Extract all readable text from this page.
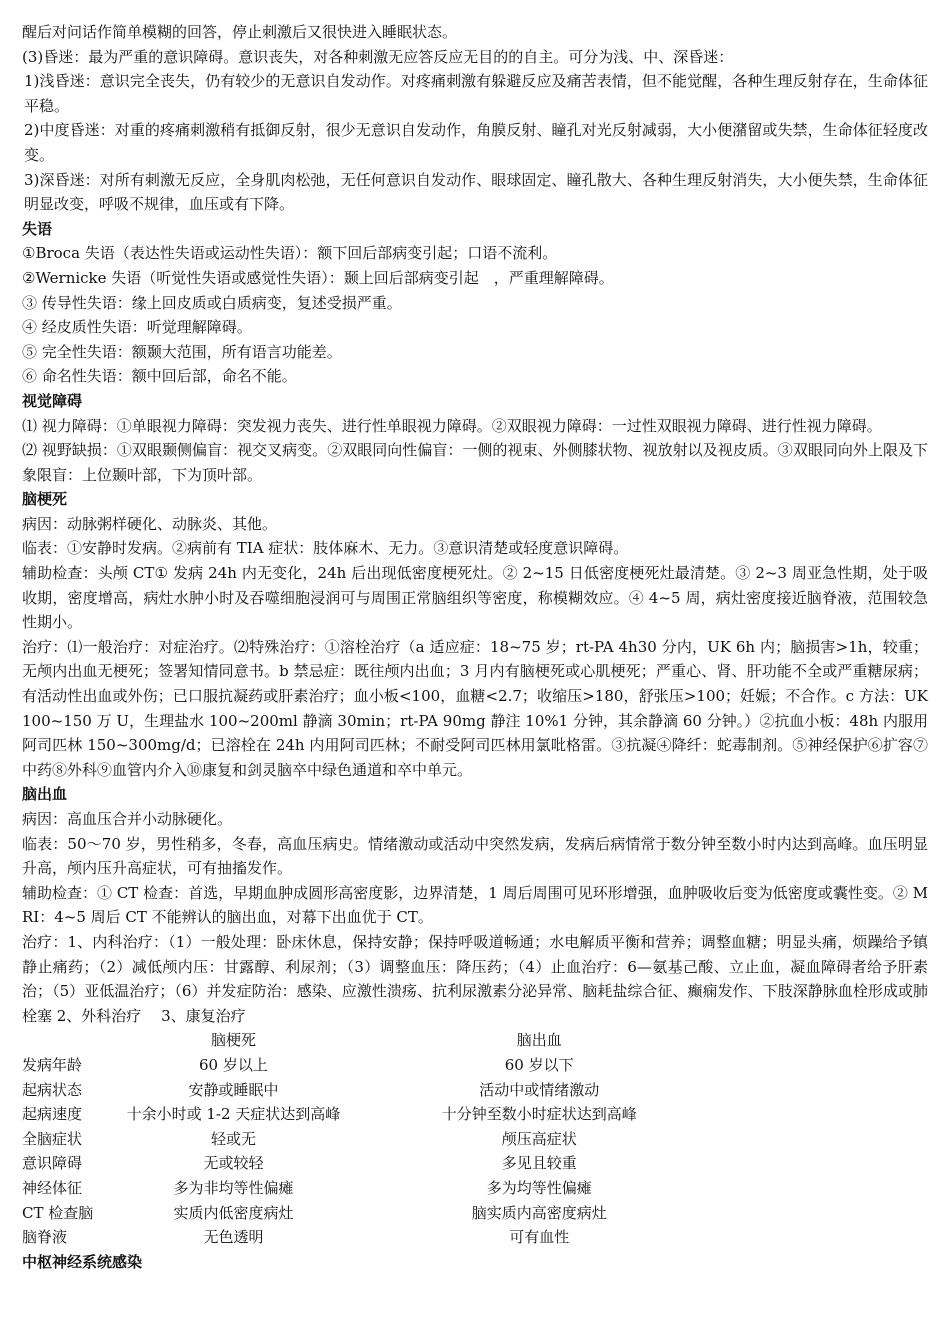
醒后对问话作简单模糊的回答，停止刺激后又很快进入睡眠状态。

(3)昏迷：最为严重的意识障碍。意识丧失，对各种刺激无应答反应无目的的自主。可分为浅、中、深昏迷：

1)浅昏迷：意识完全丧失，仍有较少的无意识自发动作。对疼痛刺激有躲避反应及痛苦表情，但不能觉醒，各种生理反射存在，生命体征平稳。

2)中度昏迷：对重的疼痛刺激稍有抵御反射，很少无意识自发动作，角膜反射、瞳孔对光反射减弱，大小便潴留或失禁，生命体征轻度改变。

3)深昏迷：对所有刺激无反应，全身肌肉松弛，无任何意识自发动作、眼球固定、瞳孔散大、各种生理反射消失，大小便失禁，生命体征明显改变，呼吸不规律，血压或有下降。

失语

①Broca 失语（表达性失语或运动性失语）：额下回后部病变引起；口语不流利。

②Wernicke 失语（听觉性失语或感觉性失语）：颞上回后部病变引起　，严重理解障碍。

③ 传导性失语：缘上回皮质或白质病变，复述受损严重。

④ 经皮质性失语：听觉理解障碍。

⑤ 完全性失语：额颞大范围，所有语言功能差。

⑥ 命名性失语：额中回后部，命名不能。

视觉障碍

⑴ 视力障碍：①单眼视力障碍：突发视力丧失、进行性单眼视力障碍。②双眼视力障碍：一过性双眼视力障碍、进行性视力障碍。

⑵ 视野缺损：①双眼颞侧偏盲：视交叉病变。②双眼同向性偏盲：一侧的视束、外侧膝状物、视放射以及视皮质。③双眼同向外上限及下象限盲：上位颞叶部，下为顶叶部。

脑梗死

病因：动脉粥样硬化、动脉炎、其他。

临表：①安静时发病。②病前有 TIA 症状：肢体麻木、无力。③意识清楚或轻度意识障碍。

辅助检查：头颅 CT① 发病 24h 内无变化，24h 后出现低密度梗死灶。② 2~15 日低密度梗死灶最清楚。③ 2~3 周亚急性期，处于吸收期，密度增高，病灶水肿小时及吞噬细胞浸润可与周围正常脑组织等密度，称模糊效应。④ 4~5 周，病灶密度接近脑脊液，范围较急性期小。

治疗：⑴一般治疗：对症治疗。⑵特殊治疗：①溶栓治疗（a 适应症：18~75 岁；rt-PA 4h30 分内，UK 6h 内；脑损害>1h，较重；无颅内出血无梗死；签署知情同意书。b 禁忌症：既往颅内出血；3 月内有脑梗死或心肌梗死；严重心、肾、肝功能不全或严重糖尿病；有活动性出血或外伤；已口服抗凝药或肝素治疗；血小板<100，血糖<2.7；收缩压>180，舒张压>100；妊娠；不合作。c 方法：UK 100~150 万 U，生理盐水 100~200ml 静滴 30min；rt-PA 90mg 静注 10%1 分钟，其余静滴 60 分钟。）②抗血小板：48h 内服用阿司匹林 150~300mg/d；已溶栓在 24h 内用阿司匹林；不耐受阿司匹林用氯吡格雷。③抗凝④降纤：蛇毒制剂。⑤神经保护⑥扩容⑦中药⑧外科⑨血管内介入⑩康复和剑灵脑卒中绿色通道和卒中单元。

脑出血

病因：高血压合并小动脉硬化。

临表：50～70 岁，男性稍多，冬春，高血压病史。情绪激动或活动中突然发病，发病后病情常于数分钟至数小时内达到高峰。血压明显升高，颅内压升高症状，可有抽搐发作。

辅助检查：① CT 检查：首选，早期血肿成圆形高密度影，边界清楚，1 周后周围可见环形增强，血肿吸收后变为低密度或囊性变。② MRI：4~5 周后 CT 不能辨认的脑出血，对幕下出血优于 CT。

治疗：1、内科治疗：（1）一般处理：卧床休息，保持安静；保持呼吸道畅通；水电解质平衡和营养；调整血糖；明显头痛，烦躁给予镇静止痛药；（2）减低颅内压：甘露醇、利尿剂；（3）调整血压：降压药；（4）止血治疗：6—氨基己酸、立止血，凝血障碍者给予肝素治；（5）亚低温治疗；（6）并发症防治：感染、应激性溃疡、抗利尿激素分泌异常、脑耗盐综合征、癫痫发作、下肢深静脉血栓形成或肺栓塞 2、外科治疗　 3、康复治疗

	脑梗死	脑出血
发病年龄	60 岁以上	60 岁以下
起病状态	安静或睡眠中	活动中或情绪激动
起病速度	十余小时或 1-2 天症状达到高峰	十分钟至数小时症状达到高峰
全脑症状	轻或无	颅压高症状
意识障碍	无或较轻	多见且较重
神经体征	多为非均等性偏瘫	多为均等性偏瘫
CT 检查脑	实质内低密度病灶	脑实质内高密度病灶
脑脊液	无色透明	可有血性

中枢神经系统感染
